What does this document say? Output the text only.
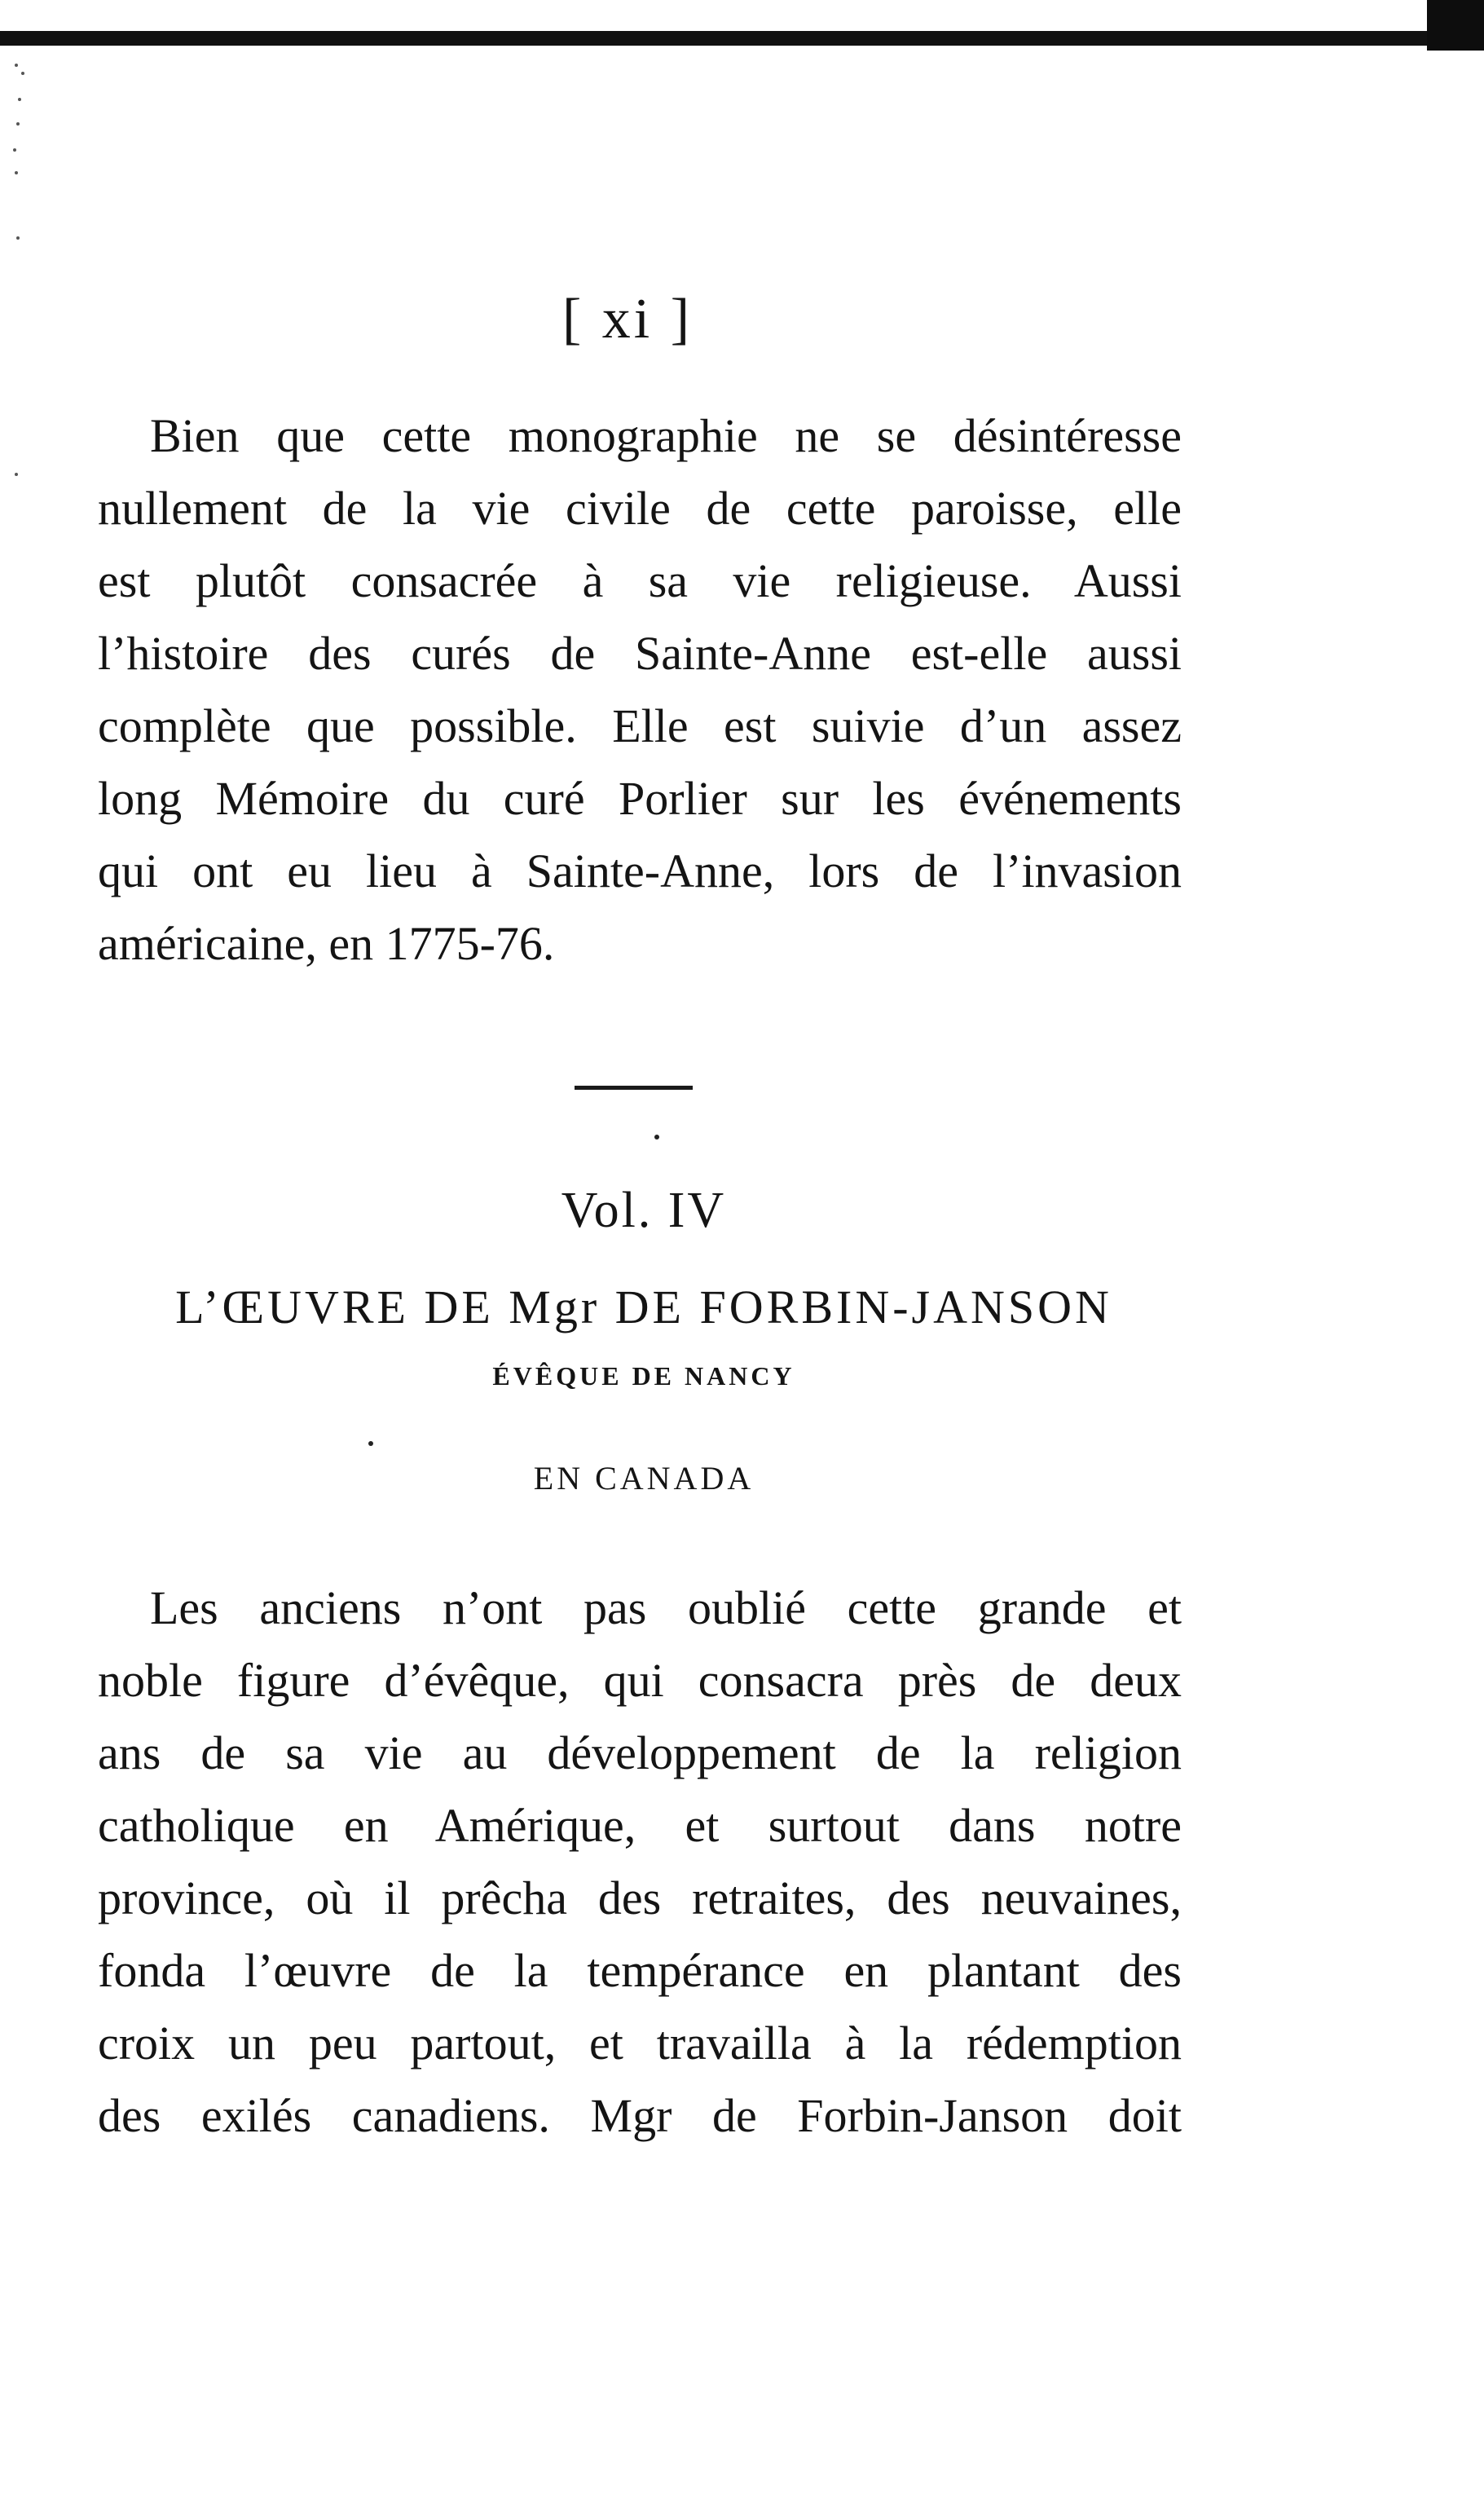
[ xi ]
Bien que cette monographie ne se désintéresse
nullement de la vie civile de cette paroisse, elle
est plutôt consacrée à sa vie religieuse. Aussi
l’histoire des curés de Sainte-Anne est-elle aussi
complète que possible. Elle est suivie d’un assez
long Mémoire du curé Porlier sur les événements
qui ont eu lieu à Sainte-Anne, lors de l’invasion
américaine, en 1775-76.
Vol. IV
L’ŒUVRE DE Mgr DE FORBIN-JANSON
ÉVÊQUE DE NANCY
EN CANADA
Les anciens n’ont pas oublié cette grande et
noble figure d’évêque, qui consacra près de deux
ans de sa vie au développement de la religion
catholique en Amérique, et surtout dans notre
province, où il prêcha des retraites, des neuvaines,
fonda l’œuvre de la tempérance en plantant des
croix un peu partout, et travailla à la rédemption
des exilés canadiens. Mgr de Forbin-Janson doit
